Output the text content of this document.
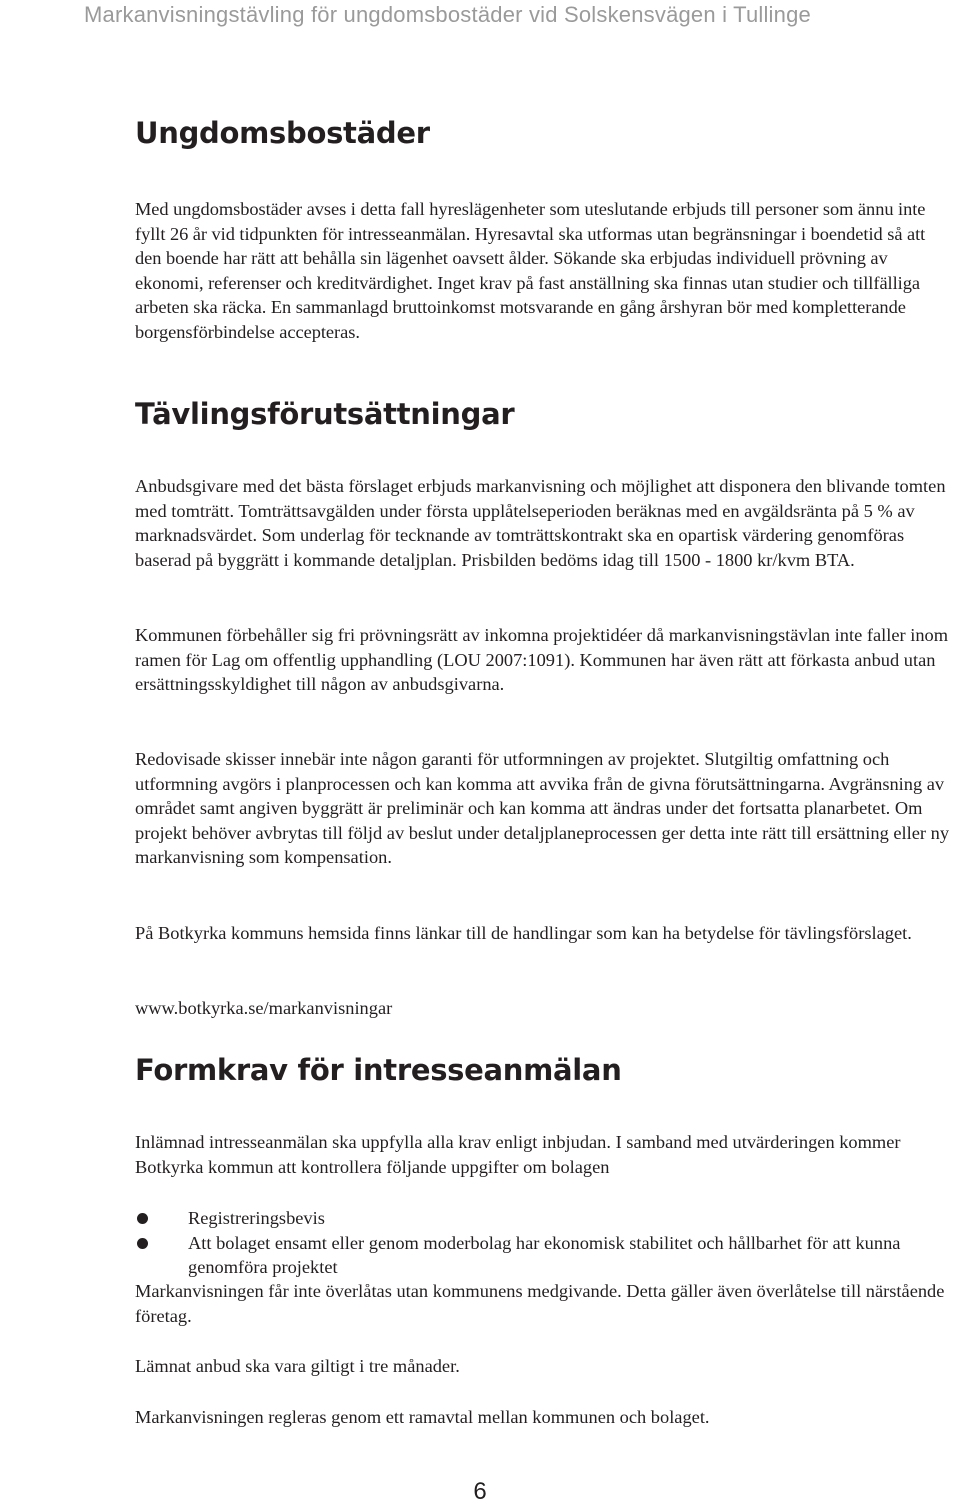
Markanvisningstävling för ungdomsbostäder vid Solskensvägen i Tullinge
Ungdomsbostäder

Med ungdomsbostäder avses i detta fall hyreslägenheter som uteslutande erbjuds till personer som ännu inte fyllt 26 år vid tidpunkten för intresseanmälan. Hyresavtal ska utformas utan begränsningar i boendetid så att den boende har rätt att behålla sin lägenhet oavsett ålder. Sökande ska erbjudas individuell prövning av ekonomi, referenser och kreditvärdighet. Inget krav på fast anställning ska finnas utan studier och tillfälliga arbeten ska räcka. En sammanlagd bruttoinkomst motsvarande en gång årshyran bör med kompletterande borgensförbindelse accepteras.

Tävlingsförutsättningar

Anbudsgivare med det bästa förslaget erbjuds markanvisning och möjlighet att disponera den blivande tomten med tomträtt. Tomträttsavgälden under första upplåtelseperioden beräknas med en avgäldsränta på 5 % av marknadsvärdet. Som underlag för tecknande av tomträttskontrakt ska en opartisk värdering genomföras baserad på byggrätt i kommande detaljplan. Prisbilden bedöms idag till 1500 - 1800 kr/kvm BTA.

Kommunen förbehåller sig fri prövningsrätt av inkomna projektidéer då markanvisningstävlan inte faller inom ramen för Lag om offentlig upphandling (LOU 2007:1091). Kommunen har även rätt att förkasta anbud utan ersättningsskyldighet till någon av anbudsgivarna.

Redovisade skisser innebär inte någon garanti för utformningen av projektet. Slutgiltig omfattning och utformning avgörs i planprocessen och kan komma att avvika från de givna förutsättningarna. Avgränsning av området samt angiven byggrätt är preliminär och kan komma att ändras under det fortsatta planarbetet. Om projekt behöver avbrytas till följd av beslut under detaljplaneprocessen ger detta inte rätt till ersättning eller ny markanvisning som kompensation.

På Botkyrka kommuns hemsida finns länkar till de handlingar som kan ha betydelse för tävlingsförslaget.

www.botkyrka.se/markanvisningar

Formkrav för intresseanmälan

Inlämnad intresseanmälan ska uppfylla alla krav enligt inbjudan. I samband med utvärderingen kommer Botkyrka kommun att kontrollera följande uppgifter om bolagen

Registreringsbevis
Att bolaget ensamt eller genom moderbolag har ekonomisk stabilitet och hållbarhet för att kunna genomföra projektet

Markanvisningen får inte överlåtas utan kommunens medgivande. Detta gäller även överlåtelse till närstående företag.

Lämnat anbud ska vara giltigt i tre månader.

Markanvisningen regleras genom ett ramavtal mellan kommunen och bolaget.

6
